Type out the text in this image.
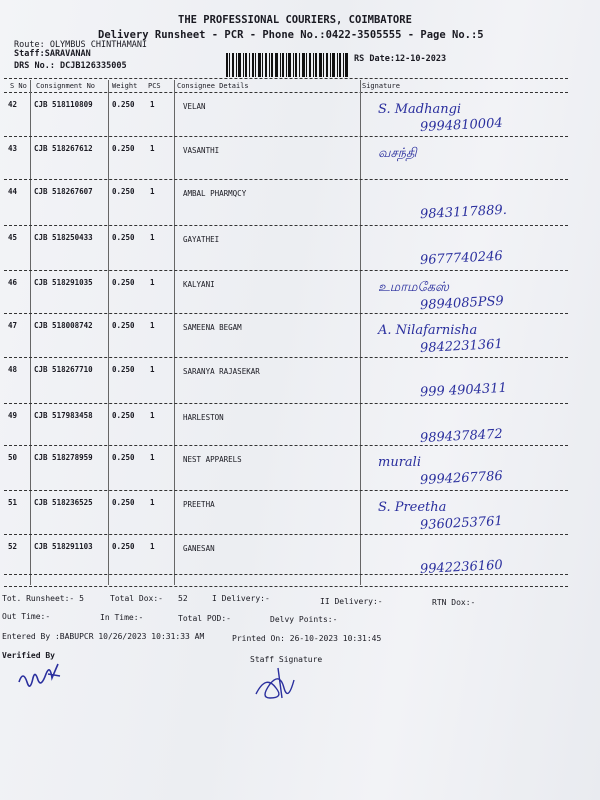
THE PROFESSIONAL COURIERS, COIMBATORE
Delivery Runsheet - PCR - Phone No.:0422-3505555 - Page No.:5
Route: OLYMBUS CHINTHAMANI
Staff:SARAVANAN
DRS No.: DCJB126335005
RS Date:12-10-2023
S No Consignment No Weight PCS Consignee Details	Signature
42 CJB 518110809	0.250 1	VELAN	S. Madhangi
9994810004
43 CJB 518267612	0.250 1	VASANTHI	வசந்தி
44 CJB 518267607	0.250 1	AMBAL PHARMQCY
9843117889.
45 CJB 518250433	0.250 1	GAYATHEI
9677740246
46 CJB 518291035	0.250 1	KALYANI	உமாமகேஸ்
9894085PS9
47 CJB 518008742	0.250 1	SAMEENA BEGAM	A. Nilafarnisha
9842231361
48 CJB 518267710	0.250 1	SARANYA RAJASEKAR
999 4904311
49 CJB 517983458	0.250 1	HARLESTON
9894378472
50 CJB 518278959	0.250 1	NEST APPARELS	murali
9994267786
51 CJB 518236525	0.250 1	PREETHA	S. Preetha
9360253761
52 CJB 518291103	0.250 1	GANESAN
9942236160
Tot. Runsheet:- 5	Total Dox:- 52	I Delivery:-	II Delivery:-	RTN Dox:-
Out Time:-	In Time:-	Total POD:-	Delvy Points:-
Entered By :BABUPCR 10/26/2023 10:31:33 AM	Printed On: 26-10-2023 10:31:45
Verified By	Staff Signature
